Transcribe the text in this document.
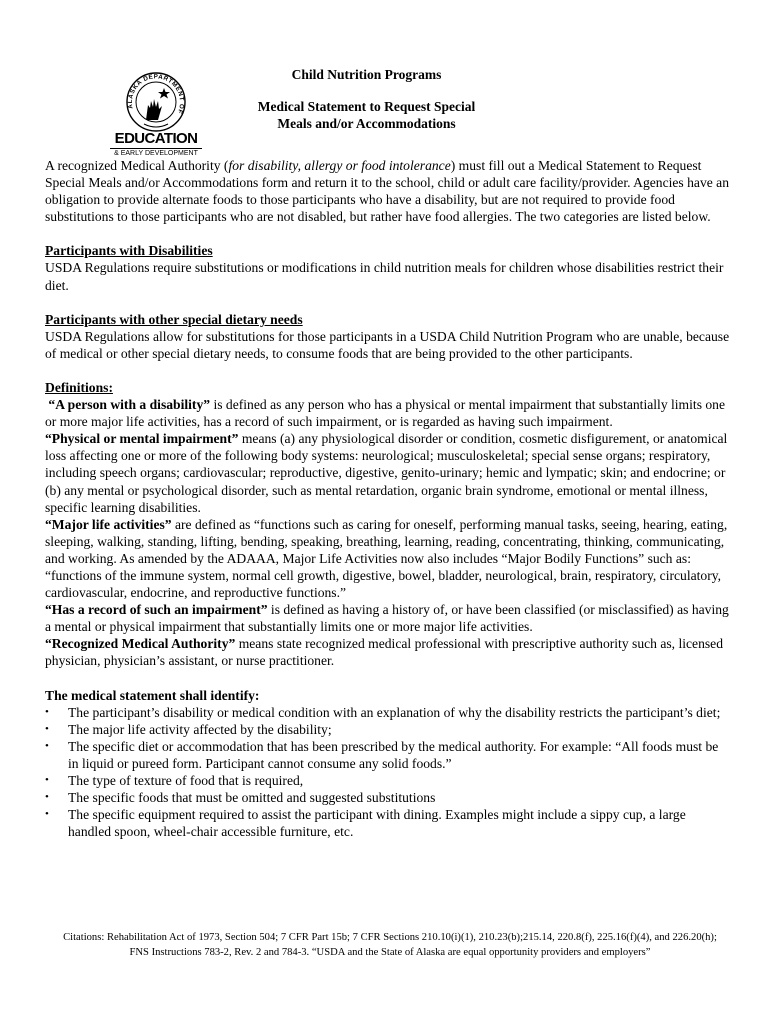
ALASKA DEPARTMENT OF
EDUCATION
& EARLY DEVELOPMENT
Child Nutrition Programs
Medical Statement to Request Special
Meals and/or Accommodations

A recognized Medical Authority (for disability, allergy or food intolerance) must fill out a Medical Statement to Request Special Meals and/or Accommodations form and return it to the school, child or adult care facility/provider. Agencies have an obligation to provide alternate foods to those participants who have a disability, but are not required to provide food substitutions to those participants who are not disabled, but rather have food allergies. The two categories are listed below.

Participants with Disabilities

USDA Regulations require substitutions or modifications in child nutrition meals for children whose disabilities restrict their diet.

Participants with other special dietary needs

USDA Regulations allow for substitutions for those participants in a USDA Child Nutrition Program who are unable, because of medical or other special dietary needs, to consume foods that are being provided to the other participants.

Definitions:

“A person with a disability” is defined as any person who has a physical or mental impairment that substantially limits one or more major life activities, has a record of such impairment, or is regarded as having such impairment.

“Physical or mental impairment” means (a) any physiological disorder or condition, cosmetic disfigurement, or anatomical loss affecting one or more of the following body systems: neurological; musculoskeletal; special sense organs; respiratory, including speech organs; cardiovascular; reproductive, digestive, genito-urinary; hemic and lympatic; skin; and endocrine; or (b) any mental or psychological disorder, such as mental retardation, organic brain syndrome, emotional or mental illness, specific learning disabilities.

“Major life activities” are defined as “functions such as caring for oneself, performing manual tasks, seeing, hearing, eating, sleeping, walking, standing, lifting, bending, speaking, breathing, learning, reading, concentrating, thinking, communicating, and working. As amended by the ADAAA, Major Life Activities now also includes “Major Bodily Functions” such as: “functions of the immune system, normal cell growth, digestive, bowel, bladder, neurological, brain, respiratory, circulatory, cardiovascular, endocrine, and reproductive functions.”

“Has a record of such an impairment” is defined as having a history of, or have been classified (or misclassified) as having a mental or physical impairment that substantially limits one or more major life activities.

“Recognized Medical Authority” means state recognized medical professional with prescriptive authority such as, licensed physician, physician’s assistant, or nurse practitioner.

The medical statement shall identify:

•	The participant’s disability or medical condition with an explanation of why the disability restricts the participant’s diet;
•	The major life activity affected by the disability;
•	The specific diet or accommodation that has been prescribed by the medical authority. For example: “All foods must be in liquid or pureed form. Participant cannot consume any solid foods.”
•	The type of texture of food that is required,
•	The specific foods that must be omitted and suggested substitutions
•	The specific equipment required to assist the participant with dining. Examples might include a sippy cup, a large handled spoon, wheel-chair accessible furniture, etc.
Citations: Rehabilitation Act of 1973, Section 504; 7 CFR Part 15b; 7 CFR Sections 210.10(i)(1), 210.23(b);215.14, 220.8(f), 225.16(f)(4), and 226.20(h); FNS Instructions 783-2, Rev. 2 and 784-3. “USDA and the State of Alaska are equal opportunity providers and employers”
